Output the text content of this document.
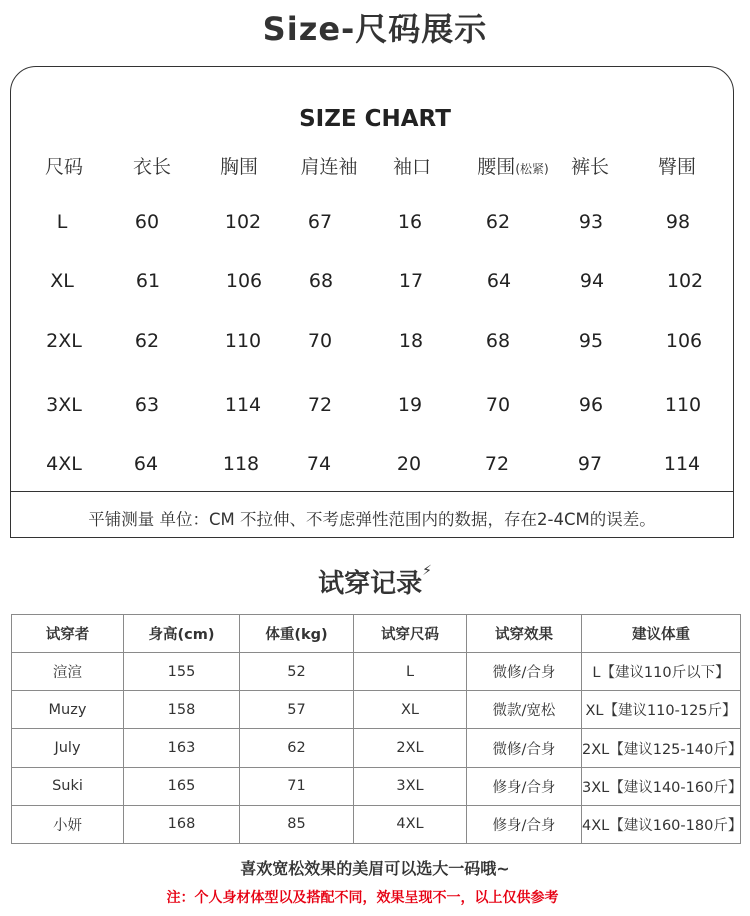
Size-尺码展示
SIZE CHART
尺码	衣长	胸围	肩连袖	袖口	腰围(松紧)	裤长	臀围
L	60	102	67	16	62	93	98
XL	61	106	68	17	64	94	102
2XL	62	110	70	18	68	95	106
3XL	63	114	72	19	70	96	110
4XL	64	118	74	20	72	97	114
平铺测量 单位：CM 不拉伸、不考虑弹性范围内的数据，存在2-4CM的误差。
试穿记录⚡
试穿者	身高(cm)	体重(kg)	试穿尺码	试穿效果	建议体重
渲渲	155	52	L	微修/合身	L【建议110斤以下】
Muzy	158	57	XL	微款/宽松	XL【建议110-125斤】
July	163	62	2XL	微修/合身	2XL【建议125-140斤】
Suki	165	71	3XL	修身/合身	3XL【建议140-160斤】
小妍	168	85	4XL	修身/合身	4XL【建议160-180斤】
喜欢宽松效果的美眉可以选大一码哦~
注：个人身材体型以及搭配不同，效果呈现不一，以上仅供参考
